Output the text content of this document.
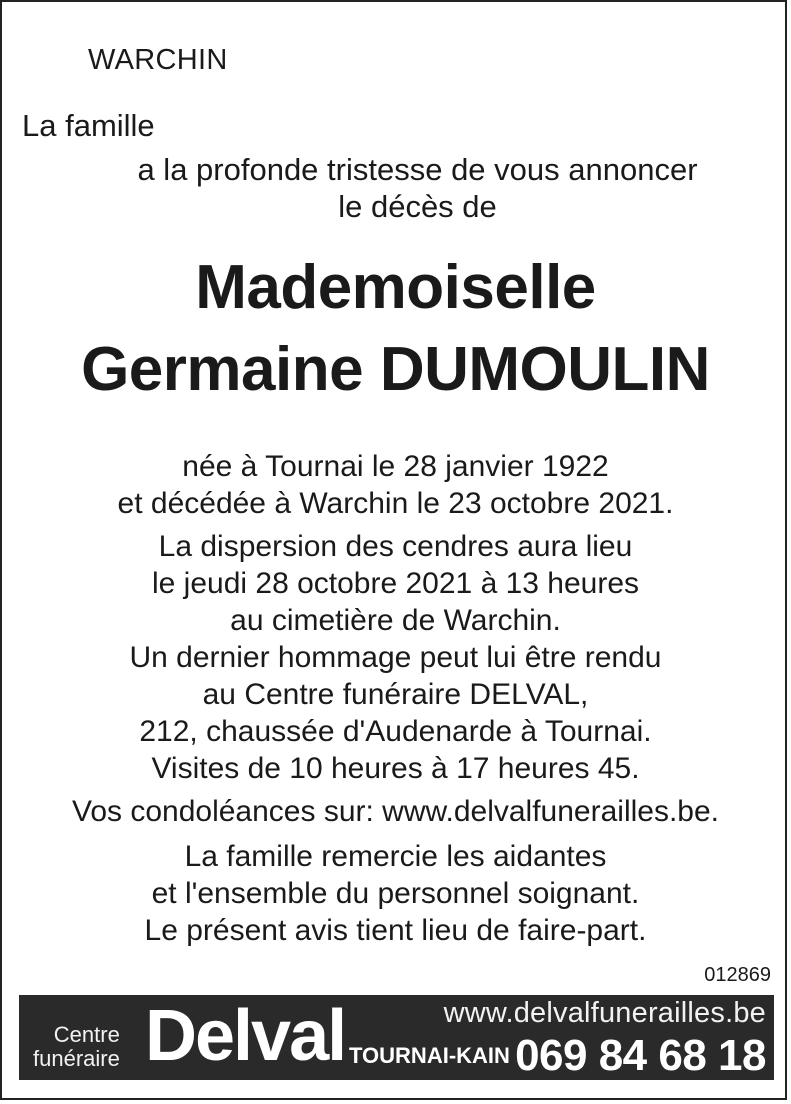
WARCHIN
La famille
a la profonde tristesse de vous annoncer
le décès de
Mademoiselle
Germaine DUMOULIN
née à Tournai le 28 janvier 1922
et décédée à Warchin le 23 octobre 2021.
La dispersion des cendres aura lieu
le jeudi 28 octobre 2021 à 13 heures
au cimetière de Warchin.
Un dernier hommage peut lui être rendu
au Centre funéraire DELVAL,
212, chaussée d'Audenarde à Tournai.
Visites de 10 heures à 17 heures 45.
Vos condoléances sur: www.delvalfunerailles.be.
La famille remercie les aidantes
et l'ensemble du personnel soignant.
Le présent avis tient lieu de faire-part.
012869
Centre
funéraire Delval	www.delvalfunerailles.be
TOURNAI-KAIN 069 84 68 18
